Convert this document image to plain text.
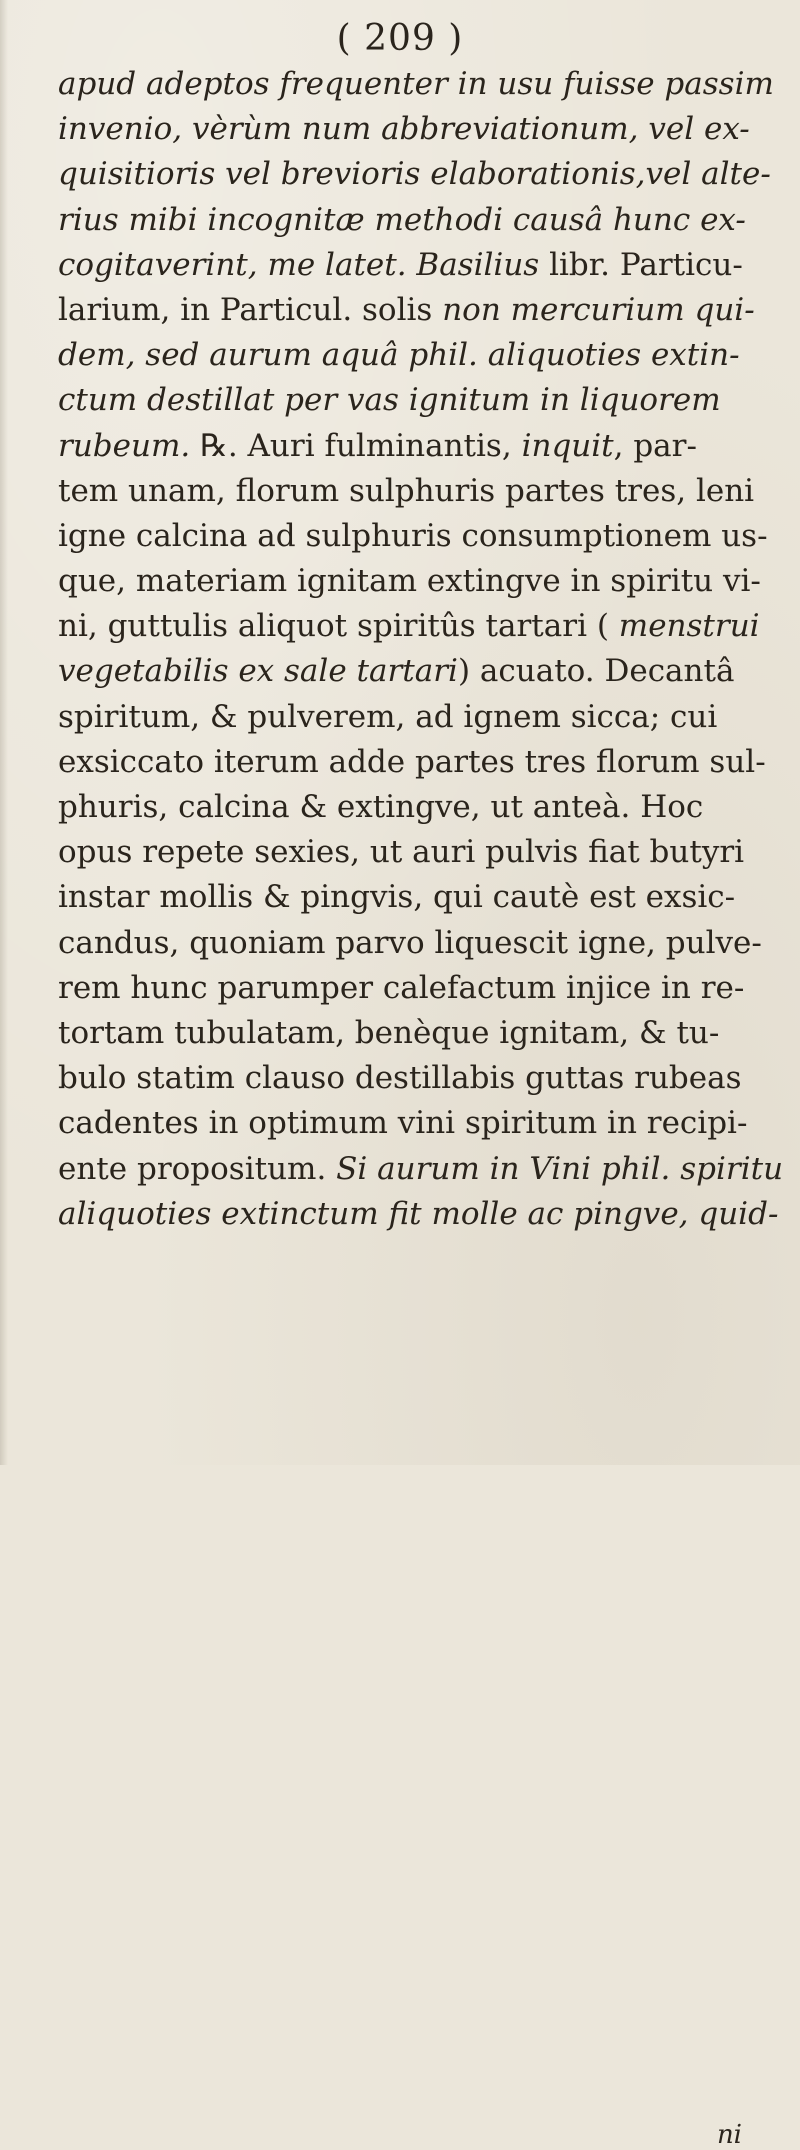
( 209 )
apud adeptos frequenter in usu fuisse passim
invenio, vèrùm num abbreviationum, vel ex-
quisitioris vel brevioris elaborationis,vel alte-
rius mibi incognitæ methodi causâ hunc ex-
cogitaverint, me latet. Basilius libr. Particu-
larium, in Particul. solis non mercurium qui-
dem, sed aurum aquâ phil. aliquoties extin-
ctum destillat per vas ignitum in liquorem
rubeum. ℞. Auri fulminantis, inquit, par-
tem unam, florum sulphuris partes tres, leni
igne calcina ad sulphuris consumptionem us-
que, materiam ignitam extingve in spiritu vi-
ni, guttulis aliquot spiritûs tartari ( menstrui
vegetabilis ex sale tartari) acuato. Decantâ
spiritum, & pulverem, ad ignem sicca; cui
exsiccato iterum adde partes tres florum sul-
phuris, calcina & extingve, ut anteà. Hoc
opus repete sexies, ut auri pulvis fiat butyri
instar mollis & pingvis, qui cautè est exsic-
candus, quoniam parvo liquescit igne, pulve-
rem hunc parumper calefactum injice in re-
tortam tubulatam, benèque ignitam, & tu-
bulo statim clauso destillabis guttas rubeas
cadentes in optimum vini spiritum in recipi-
ente propositum. Si aurum in Vini phil. spiritu
aliquoties extinctum fit molle ac pingve, quid-
ni
